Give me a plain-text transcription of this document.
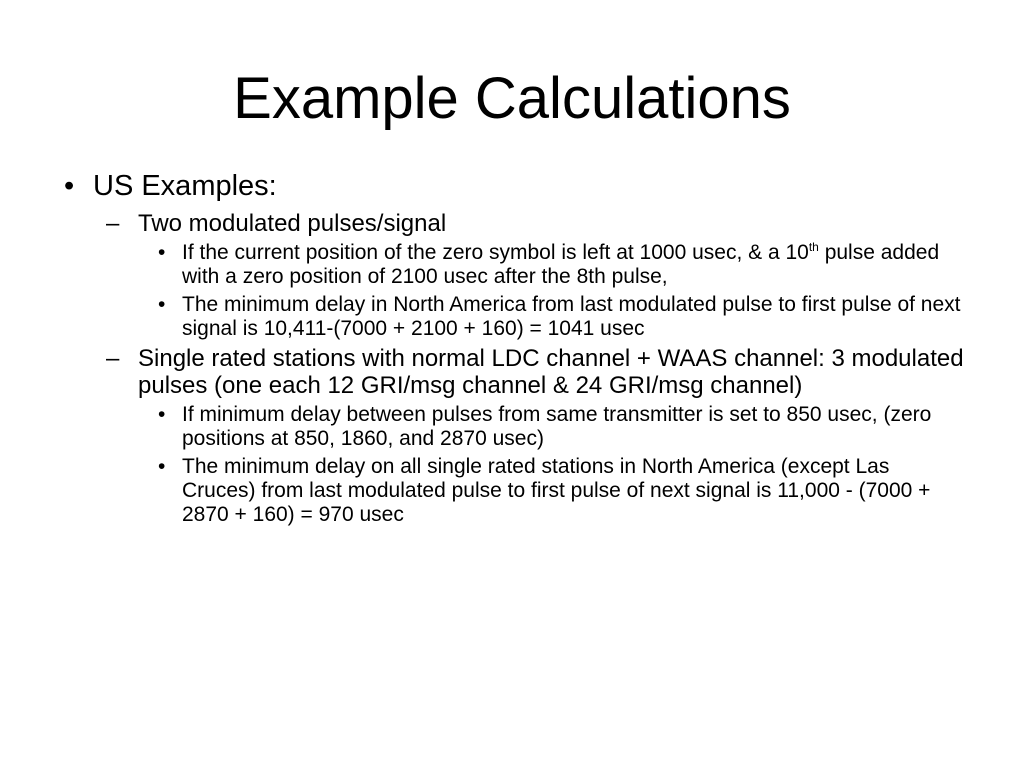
Example Calculations
• US Examples:
– Two modulated pulses/signal
• If the current position of the zero symbol is left at 1000 usec, & a 10th pulse added with a zero position of 2100 usec after the 8th pulse,
• The minimum delay in North America from last modulated pulse to first pulse of next signal is 10,411-(7000 + 2100 + 160) = 1041 usec
– Single rated stations with normal LDC channel + WAAS channel: 3 modulated pulses (one each 12 GRI/msg channel & 24 GRI/msg channel)
• If minimum delay between pulses from same transmitter is set to 850 usec, (zero positions at 850, 1860, and 2870 usec)
• The minimum delay on all single rated stations in North America (except Las Cruces) from last modulated pulse to first pulse of next signal is 11,000 - (7000 + 2870 + 160) = 970 usec
